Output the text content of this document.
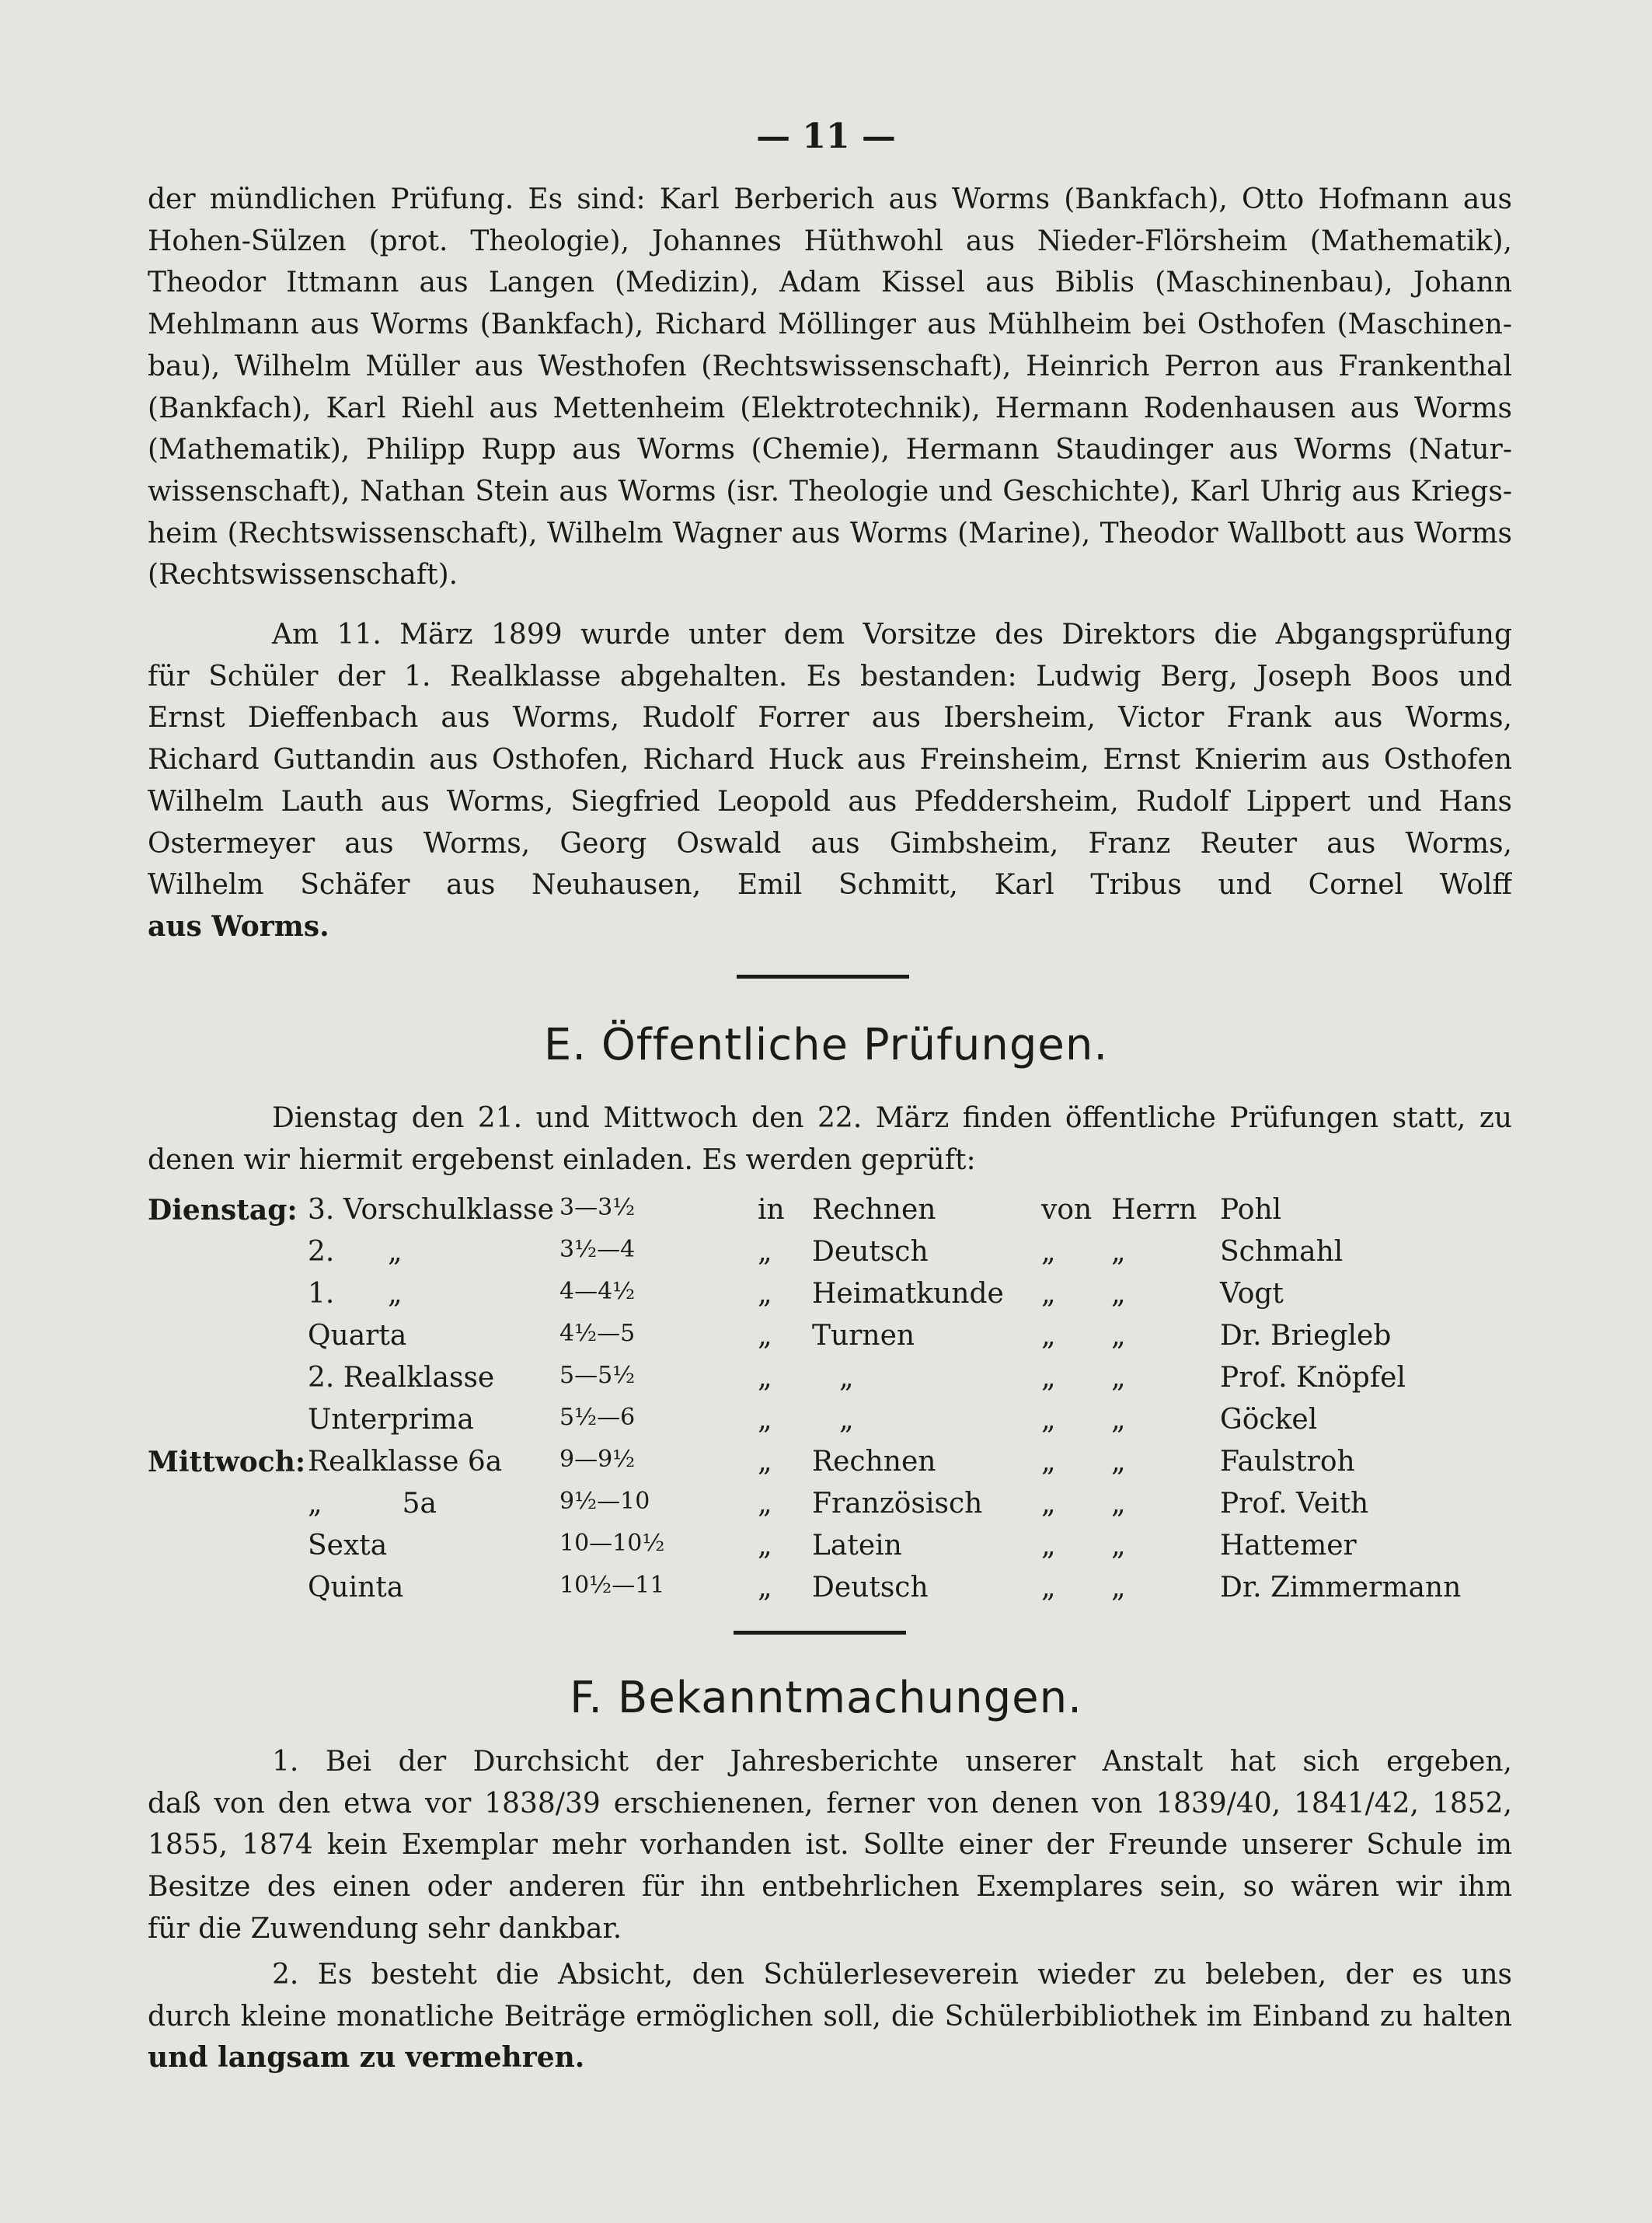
— 11 —
der mündlichen Prüfung. Es sind: Karl Berberich aus Worms (Bankfach), Otto Hofmann aus
Hohen-Sülzen (prot. Theologie), Johannes Hüthwohl aus Nieder-Flörsheim (Mathematik),
Theodor Ittmann aus Langen (Medizin), Adam Kissel aus Biblis (Maschinenbau), Johann
Mehlmann aus Worms (Bankfach), Richard Möllinger aus Mühlheim bei Osthofen (Maschinen-
bau), Wilhelm Müller aus Westhofen (Rechtswissenschaft), Heinrich Perron aus Frankenthal
(Bankfach), Karl Riehl aus Mettenheim (Elektrotechnik), Hermann Rodenhausen aus Worms
(Mathematik), Philipp Rupp aus Worms (Chemie), Hermann Staudinger aus Worms (Natur-
wissenschaft), Nathan Stein aus Worms (isr. Theologie und Geschichte), Karl Uhrig aus Kriegs-
heim (Rechtswissenschaft), Wilhelm Wagner aus Worms (Marine), Theodor Wallbott aus Worms
(Rechtswissenschaft).
Am 11. März 1899 wurde unter dem Vorsitze des Direktors die Abgangsprüfung
für Schüler der 1. Realklasse abgehalten. Es bestanden: Ludwig Berg, Joseph Boos und
Ernst Dieffenbach aus Worms, Rudolf Forrer aus Ibersheim, Victor Frank aus Worms,
Richard Guttandin aus Osthofen, Richard Huck aus Freinsheim, Ernst Knierim aus Osthofen
Wilhelm Lauth aus Worms, Siegfried Leopold aus Pfeddersheim, Rudolf Lippert und Hans
Ostermeyer aus Worms, Georg Oswald aus Gimbsheim, Franz Reuter aus Worms,
Wilhelm Schäfer aus Neuhausen, Emil Schmitt, Karl Tribus und Cornel Wolff
aus Worms.
E. Öffentliche Prüfungen.
Dienstag den 21. und Mittwoch den 22. März finden öffentliche Prüfungen statt, zu
denen wir hiermit ergebenst einladen. Es werden geprüft:
Dienstag: 3. Vorschulklasse 3—3½	in Rechnen	von Herrn Pohl
2.      „	3½—4	„ Deutsch	„ „	Schmahl
1.      „	4—4½	„ Heimatkunde „ „	Vogt
Quarta	4½—5	„ Turnen	„ „	Dr. Briegleb
2. Realklasse	5—5½	„ „	„ „	Prof. Knöpfel
Unterprima	5½—6	„ „	„ „	Göckel
Mittwoch: Realklasse 6a 9—9½	„ Rechnen	„ „	Faulstroh
„         5a	9½—10	„ Französisch „ „	Prof. Veith
Sexta	10—10½	„ Latein	„ „	Hattemer
Quinta	10½—11	„ Deutsch	„ „	Dr. Zimmermann
F. Bekanntmachungen.
1. Bei der Durchsicht der Jahresberichte unserer Anstalt hat sich ergeben,
daß von den etwa vor 1838/39 erschienenen, ferner von denen von 1839/40, 1841/42, 1852,
1855, 1874 kein Exemplar mehr vorhanden ist. Sollte einer der Freunde unserer Schule im
Besitze des einen oder anderen für ihn entbehrlichen Exemplares sein, so wären wir ihm
für die Zuwendung sehr dankbar.
2. Es besteht die Absicht, den Schülerleseverein wieder zu beleben, der es uns
durch kleine monatliche Beiträge ermöglichen soll, die Schülerbibliothek im Einband zu halten
und langsam zu vermehren.
